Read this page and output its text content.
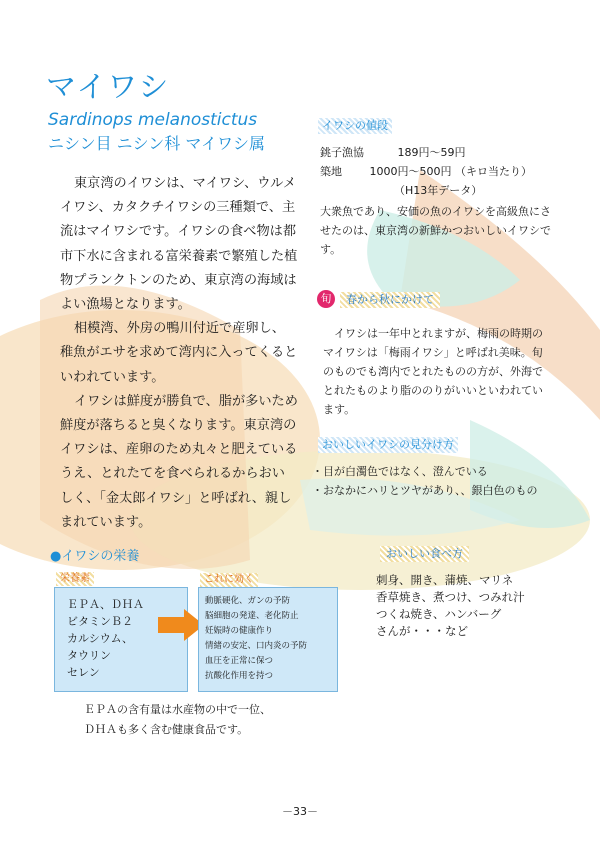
マイワシ
Sardinops melanostictus
ニシン目 ニシン科 マイワシ属

東京湾のイワシは、マイワシ、ウルメイワシ、カタクチイワシの三種類で、主流はマイワシです。イワシの食べ物は都市下水に含まれる富栄養素で繁殖した植物プランクトンのため、東京湾の海域はよい漁場となります。

相模湾、外房の鴨川付近で産卵し、稚魚がエサを求めて湾内に入ってくるといわれています。

イワシは鮮度が勝負で、脂が多いため鮮度が落ちると臭くなります。東京湾のイワシは、産卵のため丸々と肥えているうえ、とれたてを食べられるからおいしく、「金太郎イワシ」と呼ばれ、親しまれています。

イワシの値段
銚子漁協	189円～59円
築地	1000円～500円 （キロ当たり）
（H13年データ）
大衆魚であり、安価の魚のイワシを高級魚にさせたのは、東京湾の新鮮かつおいしいイワシです。
旬	春から秋にかけて
イワシは一年中とれますが、梅雨の時期のマイワシは「梅雨イワシ」と呼ばれ美味。旬のものでも湾内でとれたものの方が、外海でとれたものより脂ののりがいいといわれています。
おいしいイワシの見分け方
・目が白濁色ではなく、澄んでいる
・おなかにハリとツヤがあり、、銀白色のもの
●イワシの栄養
栄養素
ＥＰＡ、ＤＨＡ
ビタミンＢ２
カルシウム、
タウリン
セレン
これに効く
動脈硬化、ガンの予防
脳細胞の発達、老化防止
妊娠時の健康作り
情緒の安定、口内炎の予防
血圧を正常に保つ
抗酸化作用を持つ
ＥＰＡの含有量は水産物の中で一位、
ＤＨＡも多く含む健康食品です。
おいしい食べ方
刺身、開き、蒲焼、マリネ
香草焼き、煮つけ、つみれ汁
つくね焼き、ハンバーグ
さんが・・・など
－33－
